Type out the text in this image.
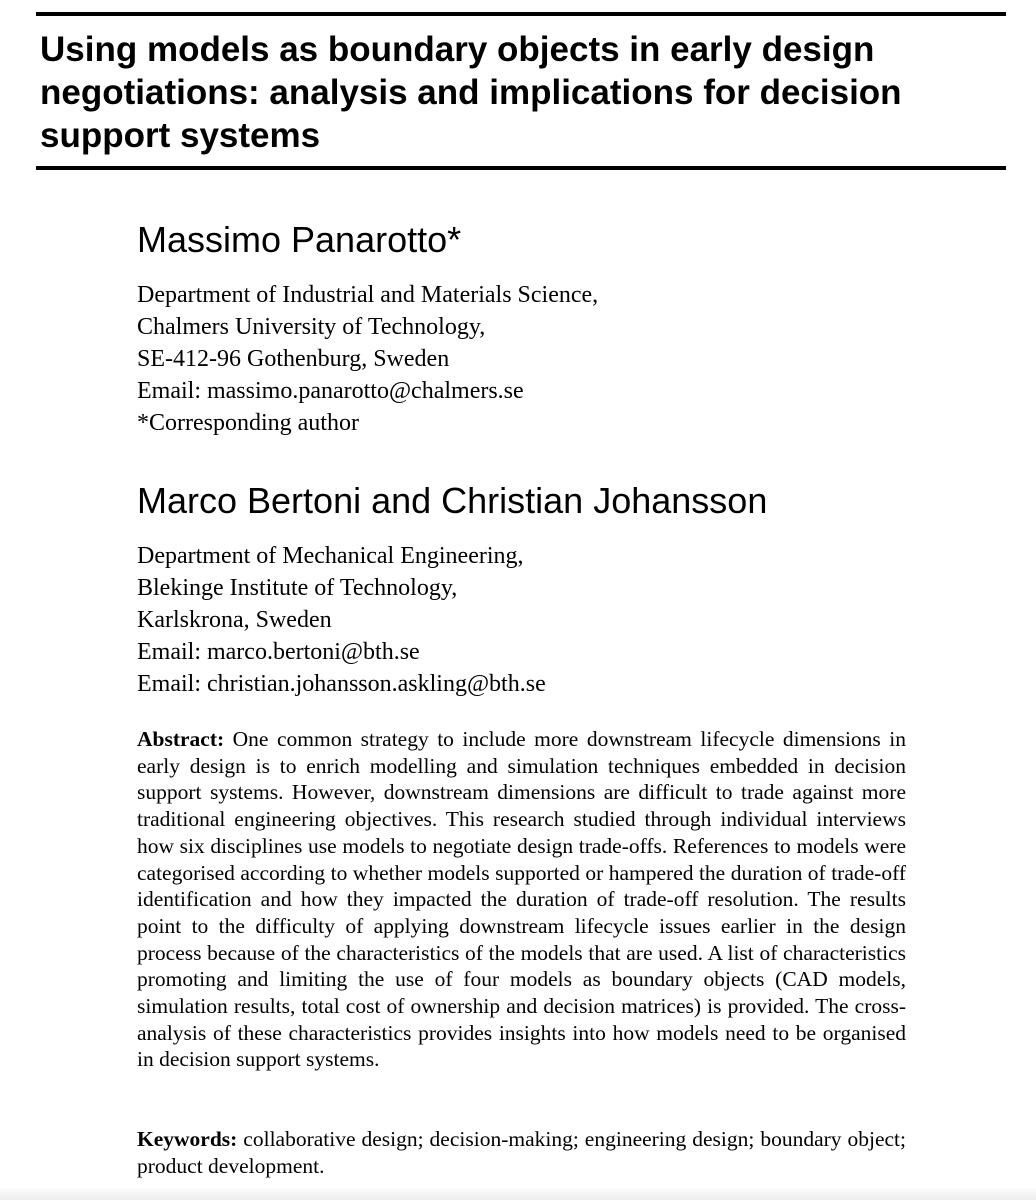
Using models as boundary objects in early design negotiations: analysis and implications for decision support systems
Massimo Panarotto*
Department of Industrial and Materials Science,
Chalmers University of Technology,
SE-412-96 Gothenburg, Sweden
Email: massimo.panarotto@chalmers.se
*Corresponding author
Marco Bertoni and Christian Johansson
Department of Mechanical Engineering,
Blekinge Institute of Technology,
Karlskrona, Sweden
Email: marco.bertoni@bth.se
Email: christian.johansson.askling@bth.se

Abstract: One common strategy to include more downstream lifecycle dimensions in early design is to enrich modelling and simulation techniques embedded in decision support systems. However, downstream dimensions are difficult to trade against more traditional engineering objectives. This research studied through individual interviews how six disciplines use models to negotiate design trade-offs. References to models were categorised according to whether models supported or hampered the duration of trade-off identification and how they impacted the duration of trade-off resolution. The results point to the difficulty of applying downstream lifecycle issues earlier in the design process because of the characteristics of the models that are used. A list of characteristics promoting and limiting the use of four models as boundary objects (CAD models, simulation results, total cost of ownership and decision matrices) is provided. The cross-analysis of these characteristics provides insights into how models need to be organised in decision support systems.

Keywords: collaborative design; decision-making; engineering design; boundary object; product development.
